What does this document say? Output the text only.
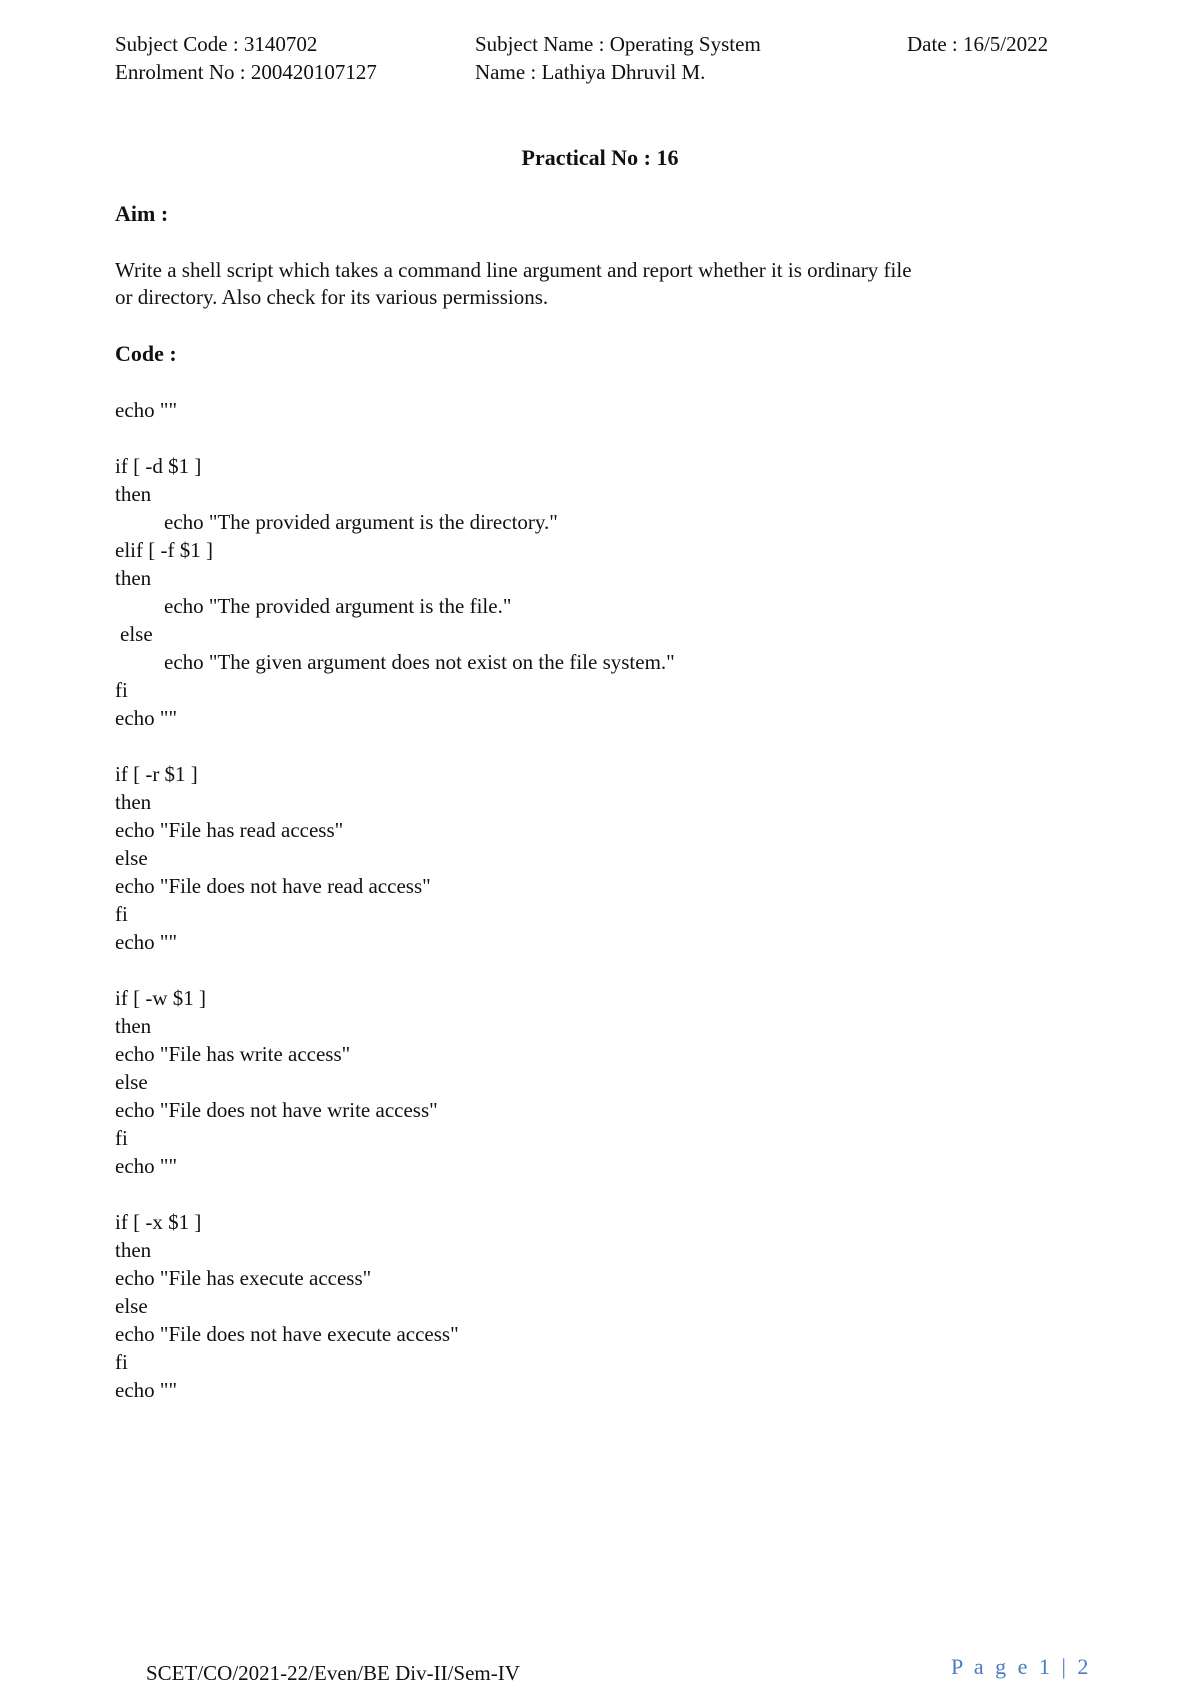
Subject Code : 3140702	Subject Name : Operating System	Date : 16/5/2022
Enrolment No : 200420107127	Name : Lathiya Dhruvil M.
Practical No : 16
Aim :
Write a shell script which takes a command line argument and report whether it is ordinary file
or directory. Also check for its various permissions.
Code :
echo ""
if [ -d $1 ]
then
echo "The provided argument is the directory."
elif [ -f $1 ]
then
echo "The provided argument is the file."
else
echo "The given argument does not exist on the file system."
fi
echo ""
if [ -r $1 ]
then
echo "File has read access"
else
echo "File does not have read access"
fi
echo ""
if [ -w $1 ]
then
echo "File has write access"
else
echo "File does not have write access"
fi
echo ""
if [ -x $1 ]
then
echo "File has execute access"
else
echo "File does not have execute access"
fi
echo ""
SCET/CO/2021-22/Even/BE Div-II/Sem-IV	P a g e 1 | 2
